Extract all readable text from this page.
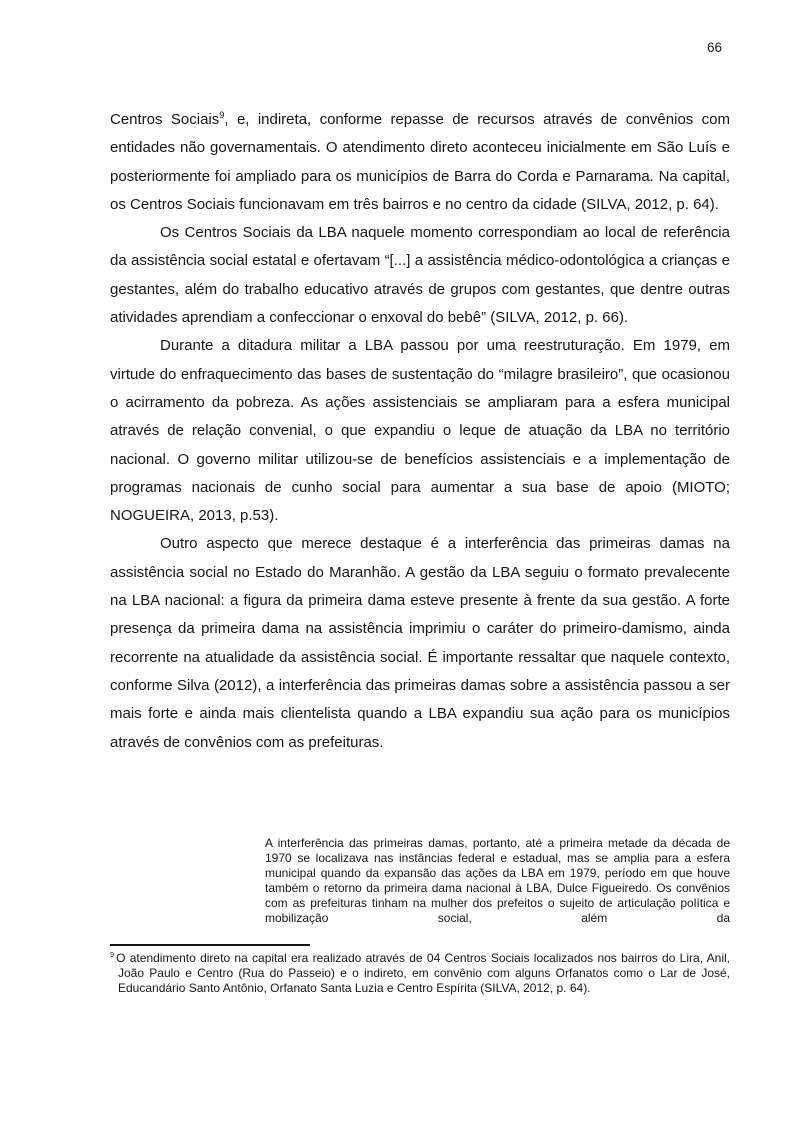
66

Centros Sociais$^9$, e, indireta, conforme repasse de recursos através de convênios com entidades não governamentais. O atendimento direto aconteceu inicialmente em São Luís e posteriormente foi ampliado para os municípios de Barra do Corda e Parnarama. Na capital, os Centros Sociais funcionavam em três bairros e no centro da cidade (SILVA, 2012, p. 64).

Os Centros Sociais da LBA naquele momento correspondiam ao local de referência da assistência social estatal e ofertavam “[...] a assistência médico-odontológica a crianças e gestantes, além do trabalho educativo através de grupos com gestantes, que dentre outras atividades aprendiam a confeccionar o enxoval do bebê” (SILVA, 2012, p. 66).

Durante a ditadura militar a LBA passou por uma reestruturação. Em 1979, em virtude do enfraquecimento das bases de sustentação do “milagre brasileiro”, que ocasionou o acirramento da pobreza. As ações assistenciais se ampliaram para a esfera municipal através de relação convenial, o que expandiu o leque de atuação da LBA no território nacional. O governo militar utilizou-se de benefícios assistenciais e a implementação de programas nacionais de cunho social para aumentar a sua base de apoio (MIOTO; NOGUEIRA, 2013, p.53).

Outro aspecto que merece destaque é a interferência das primeiras damas na assistência social no Estado do Maranhão. A gestão da LBA seguiu o formato prevalecente na LBA nacional: a figura da primeira dama esteve presente à frente da sua gestão. A forte presença da primeira dama na assistência imprimiu o caráter do primeiro-damismo, ainda recorrente na atualidade da assistência social. É importante ressaltar que naquele contexto, conforme Silva (2012), a interferência das primeiras damas sobre a assistência passou a ser mais forte e ainda mais clientelista quando a LBA expandiu sua ação para os municípios através de convênios com as prefeituras.

A interferência das primeiras damas, portanto, até a primeira metade da década de 1970 se localizava nas instâncias federal e estadual, mas se amplia para a esfera municipal quando da expansão das ações da LBA em 1979, período em que houve também o retorno da primeira dama nacional à LBA, Dulce Figueiredo. Os convênios com as prefeituras tinham na mulher dos prefeitos o sujeito de articulação política e mobilização social, além da
$^9$ O atendimento direto na capital era realizado através de 04 Centros Sociais localizados nos bairros do Lira, Anil, João Paulo e Centro (Rua do Passeio) e o indireto, em convênio com alguns Orfanatos como o Lar de José, Educandário Santo Antônio, Orfanato Santa Luzia e Centro Espírita (SILVA, 2012, p. 64).
